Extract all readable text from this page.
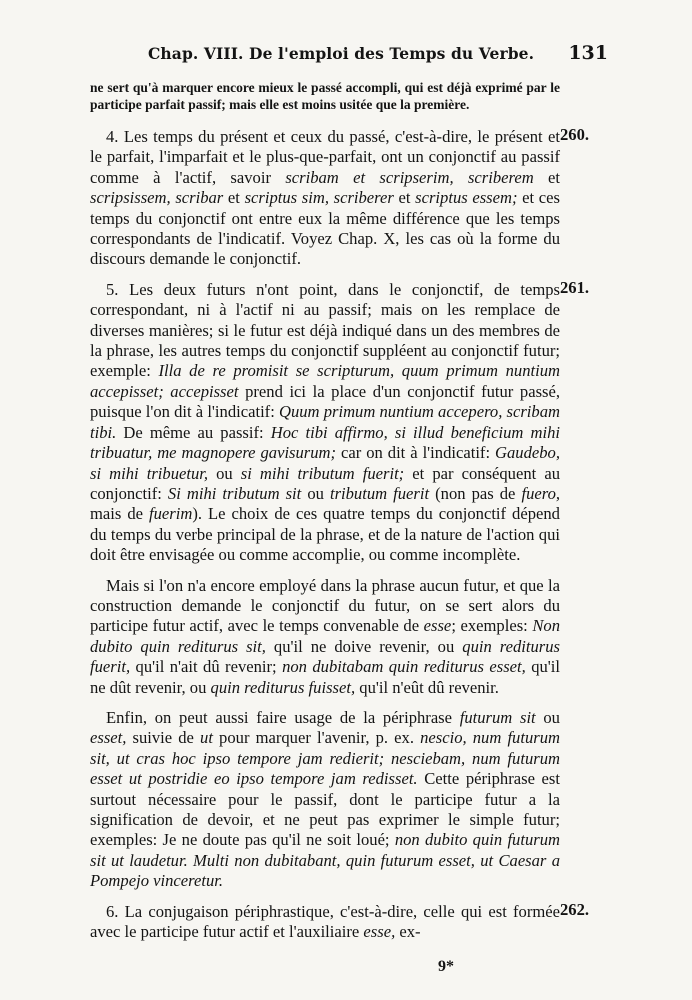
Chap. VIII. De l'emploi des Temps du Verbe. 131

ne sert qu'à marquer encore mieux le passé accompli, qui est déjà exprimé par le participe parfait passif; mais elle est moins usitée que la première.

260.

4. Les temps du présent et ceux du passé, c'est-à-dire, le présent et le parfait, l'imparfait et le plus-que-parfait, ont un conjonctif au passif comme à l'actif, savoir scribam et scripserim, scriberem et scripsissem, scribar et scriptus sim, scriberer et scriptus essem; et ces temps du conjonctif ont entre eux la même différence que les temps correspondants de l'indicatif. Voyez Chap. X, les cas où la forme du discours demande le conjonctif.

261.

5. Les deux futurs n'ont point, dans le conjonctif, de temps correspondant, ni à l'actif ni au passif; mais on les remplace de diverses manières; si le futur est déjà indiqué dans un des membres de la phrase, les autres temps du conjonctif suppléent au conjonctif futur; exemple: Illa de re promisit se scripturum, quum primum nuntium accepisset; accepisset prend ici la place d'un conjonctif futur passé, puisque l'on dit à l'indicatif: Quum primum nuntium accepero, scribam tibi. De même au passif: Hoc tibi affirmo, si illud beneficium mihi tribuatur, me magnopere gavisurum; car on dit à l'indicatif: Gaudebo, si mihi tribuetur, ou si mihi tributum fuerit; et par conséquent au conjonctif: Si mihi tributum sit ou tributum fuerit (non pas de fuero, mais de fuerim). Le choix de ces quatre temps du conjonctif dépend du temps du verbe principal de la phrase, et de la nature de l'action qui doit être envisagée ou comme accomplie, ou comme incomplète.

Mais si l'on n'a encore employé dans la phrase aucun futur, et que la construction demande le conjonctif du futur, on se sert alors du participe futur actif, avec le temps convenable de esse; exemples: Non dubito quin rediturus sit, qu'il ne doive revenir, ou quin rediturus fuerit, qu'il n'ait dû revenir; non dubitabam quin rediturus esset, qu'il ne dût revenir, ou quin rediturus fuisset, qu'il n'eût dû revenir.

Enfin, on peut aussi faire usage de la périphrase futurum sit ou esset, suivie de ut pour marquer l'avenir, p. ex. nescio, num futurum sit, ut cras hoc ipso tempore jam redierit; nesciebam, num futurum esset ut postridie eo ipso tempore jam redisset. Cette périphrase est surtout nécessaire pour le passif, dont le participe futur a la signification de devoir, et ne peut pas exprimer le simple futur; exemples: Je ne doute pas qu'il ne soit loué; non dubito quin futurum sit ut laudetur. Multi non dubitabant, quin futurum esset, ut Caesar a Pompejo vinceretur.

262.

6. La conjugaison périphrastique, c'est-à-dire, celle qui est formée avec le participe futur actif et l'auxiliaire esse, ex-

9*
